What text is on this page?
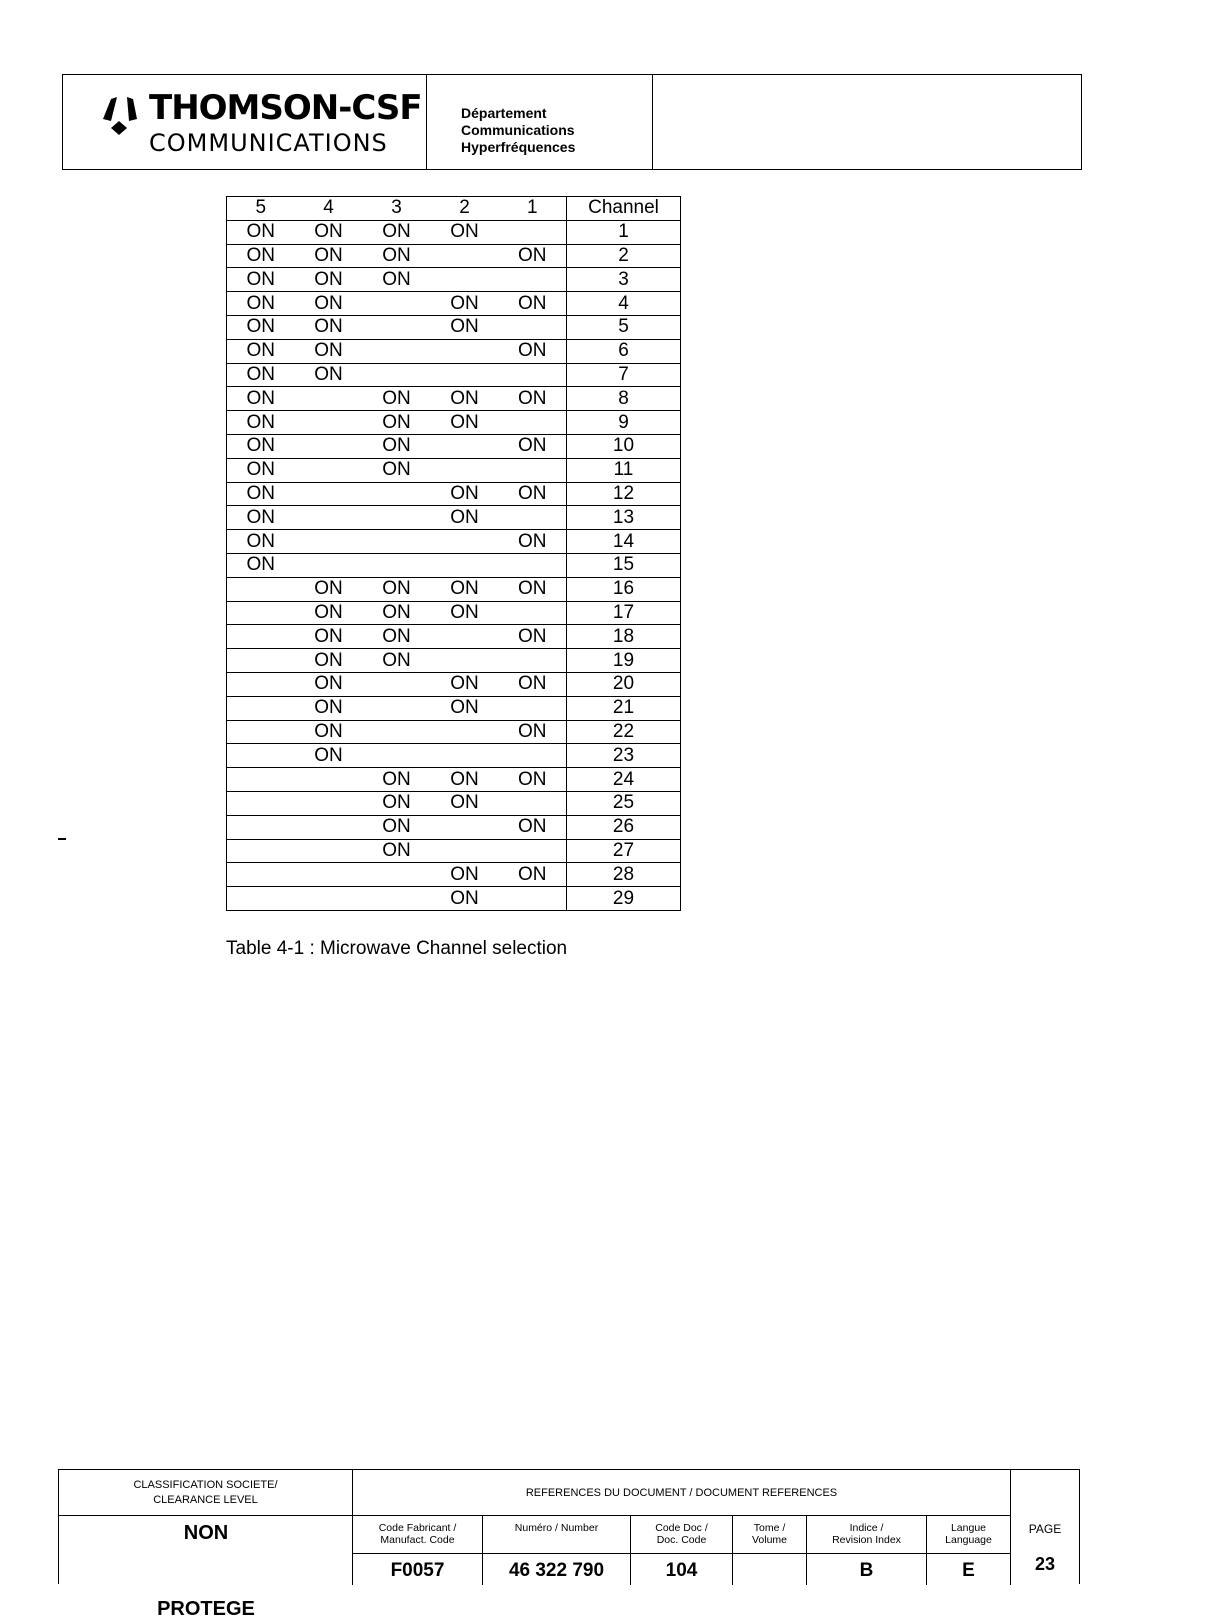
THOMSON-CSF
COMMUNICATIONS
Département
Communications
Hyperfréquences
5	4	3	2	1	Channel
ON	ON	ON	ON		1
ON	ON	ON		ON	2
ON	ON	ON			3
ON	ON		ON	ON	4
ON	ON		ON		5
ON	ON			ON	6
ON	ON				7
ON		ON	ON	ON	8
ON		ON	ON		9
ON		ON		ON	10
ON		ON			11
ON			ON	ON	12
ON			ON		13
ON				ON	14
ON					15
	ON	ON	ON	ON	16
	ON	ON	ON		17
	ON	ON		ON	18
	ON	ON			19
	ON		ON	ON	20
	ON		ON		21
	ON			ON	22
	ON				23
		ON	ON	ON	24
		ON	ON		25
		ON		ON	26
		ON			27
			ON	ON	28
			ON		29
Table 4-1 : Microwave Channel selection
CLASSIFICATION SOCIETE/
CLEARANCE LEVEL
REFERENCES DU DOCUMENT / DOCUMENT REFERENCES
PAGE
23
NON
PROTEGE
Code Fabricant /
Manufact. Code
F0057
Numéro / Number
46 322 790
Code Doc /
Doc. Code
104
Tome /
Volume
Indice /
Revision Index
B
Langue
Language
E
